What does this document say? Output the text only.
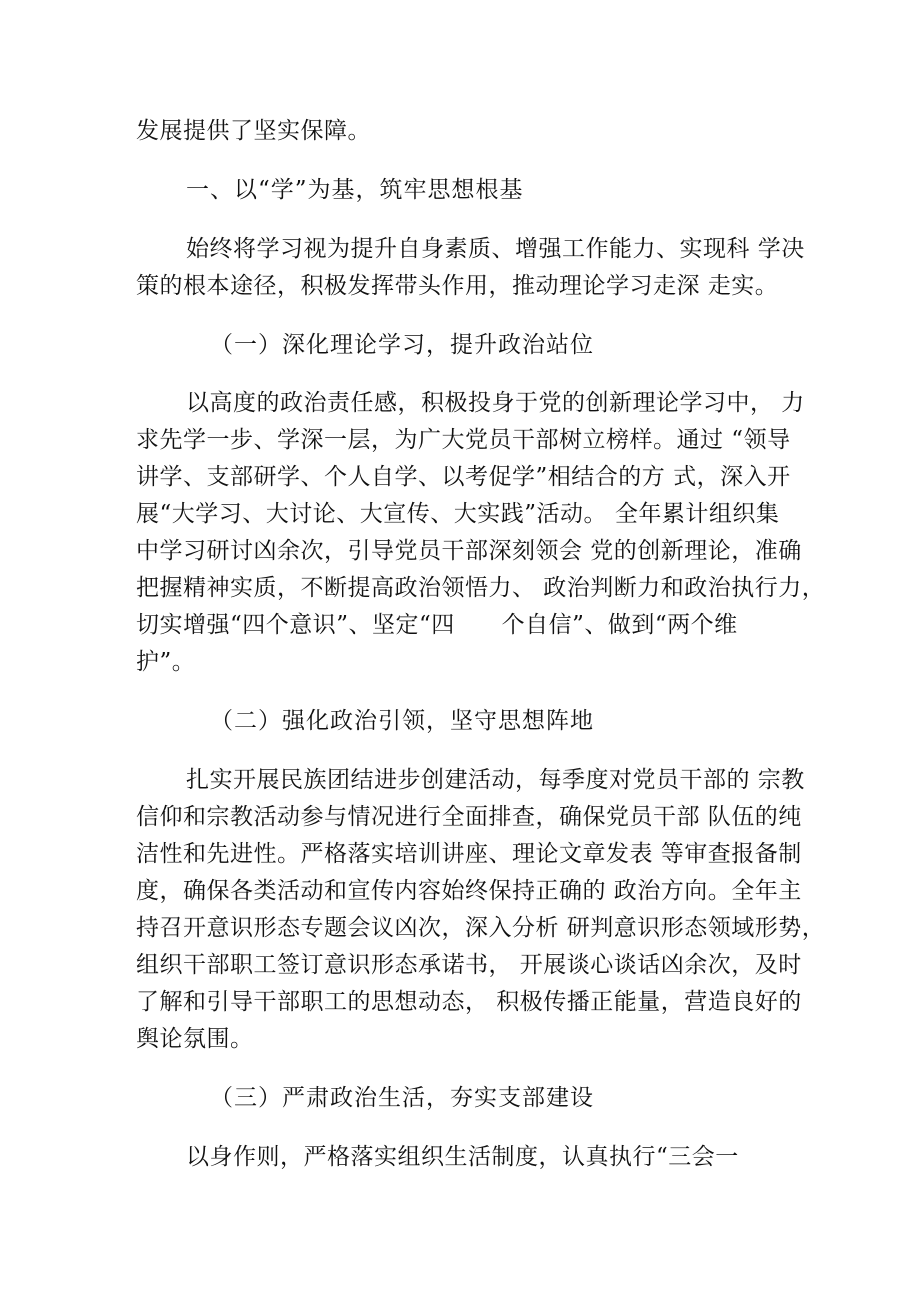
发展提供了坚实保障。
一、以“学”为基，筑牢思想根基
始终将学习视为提升自身素质、增强工作能力、实现科 学决
策的根本途径，积极发挥带头作用，推动理论学习走深 走实。
（一）深化理论学习，提升政治站位
以高度的政治责任感，积极投身于党的创新理论学习中， 力
求先学一步、学深一层，为广大党员干部树立榜样。通过 “领导
讲学、支部研学、个人自学、以考促学”相结合的方 式，深入开
展“大学习、大讨论、大宣传、大实践”活动。 全年累计组织集
中学习研讨凶余次，引导党员干部深刻领会 党的创新理论，准确
把握精神实质，不断提高政治领悟力、 政治判断力和政治执行力，
切实增强“四个意识”、坚定“四      个自信”、做到“两个维
护”。
（二）强化政治引领，坚守思想阵地
扎实开展民族团结进步创建活动，每季度对党员干部的 宗教
信仰和宗教活动参与情况进行全面排查，确保党员干部 队伍的纯
洁性和先进性。严格落实培训讲座、理论文章发表 等审查报备制
度，确保各类活动和宣传内容始终保持正确的 政治方向。全年主
持召开意识形态专题会议凶次，深入分析 研判意识形态领域形势，
组织干部职工签订意识形态承诺书， 开展谈心谈话凶余次，及时
了解和引导干部职工的思想动态， 积极传播正能量，营造良好的
舆论氛围。
（三）严肃政治生活，夯实支部建设
以身作则，严格落实组织生活制度，认真执行“三会一
